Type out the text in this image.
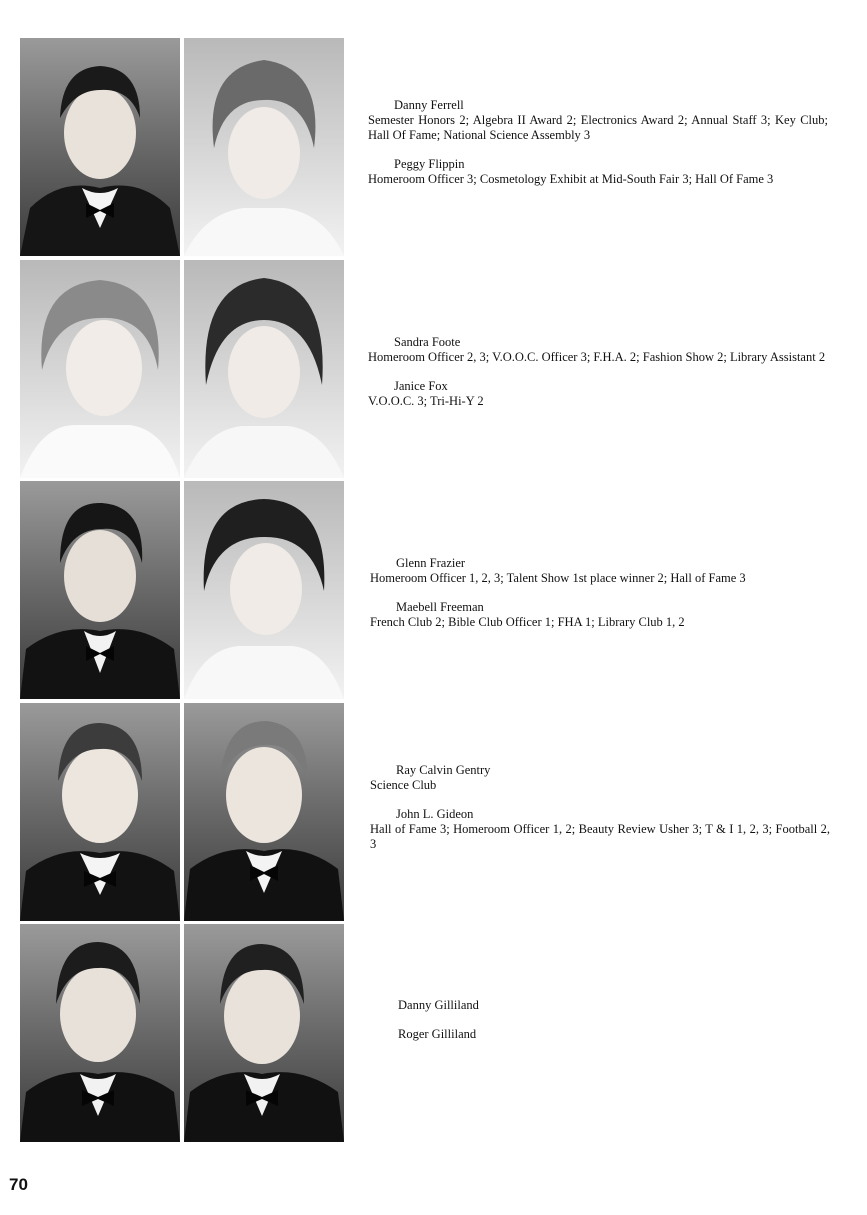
Danny Ferrell
Semester Honors 2; Algebra II Award 2; Electronics Award 2; Annual Staff 3; Key Club; Hall Of Fame; National Science Assembly 3
Peggy Flippin
Homeroom Officer 3; Cosmetology Exhibit at Mid-South Fair 3; Hall Of Fame 3
Sandra Foote
Homeroom Officer 2, 3; V.O.O.C. Officer 3; F.H.A. 2; Fashion Show 2; Library Assistant 2
Janice Fox
V.O.O.C. 3; Tri-Hi-Y 2
Glenn Frazier
Homeroom Officer 1, 2, 3; Talent Show 1st place winner 2; Hall of Fame 3
Maebell Freeman
French Club 2; Bible Club Officer 1; FHA 1; Library Club 1, 2
Ray Calvin Gentry
Science Club
John L. Gideon
Hall of Fame 3; Homeroom Officer 1, 2; Beauty Review Usher 3; T & I 1, 2, 3; Football 2, 3
Danny Gilliland
Roger Gilliland
70
